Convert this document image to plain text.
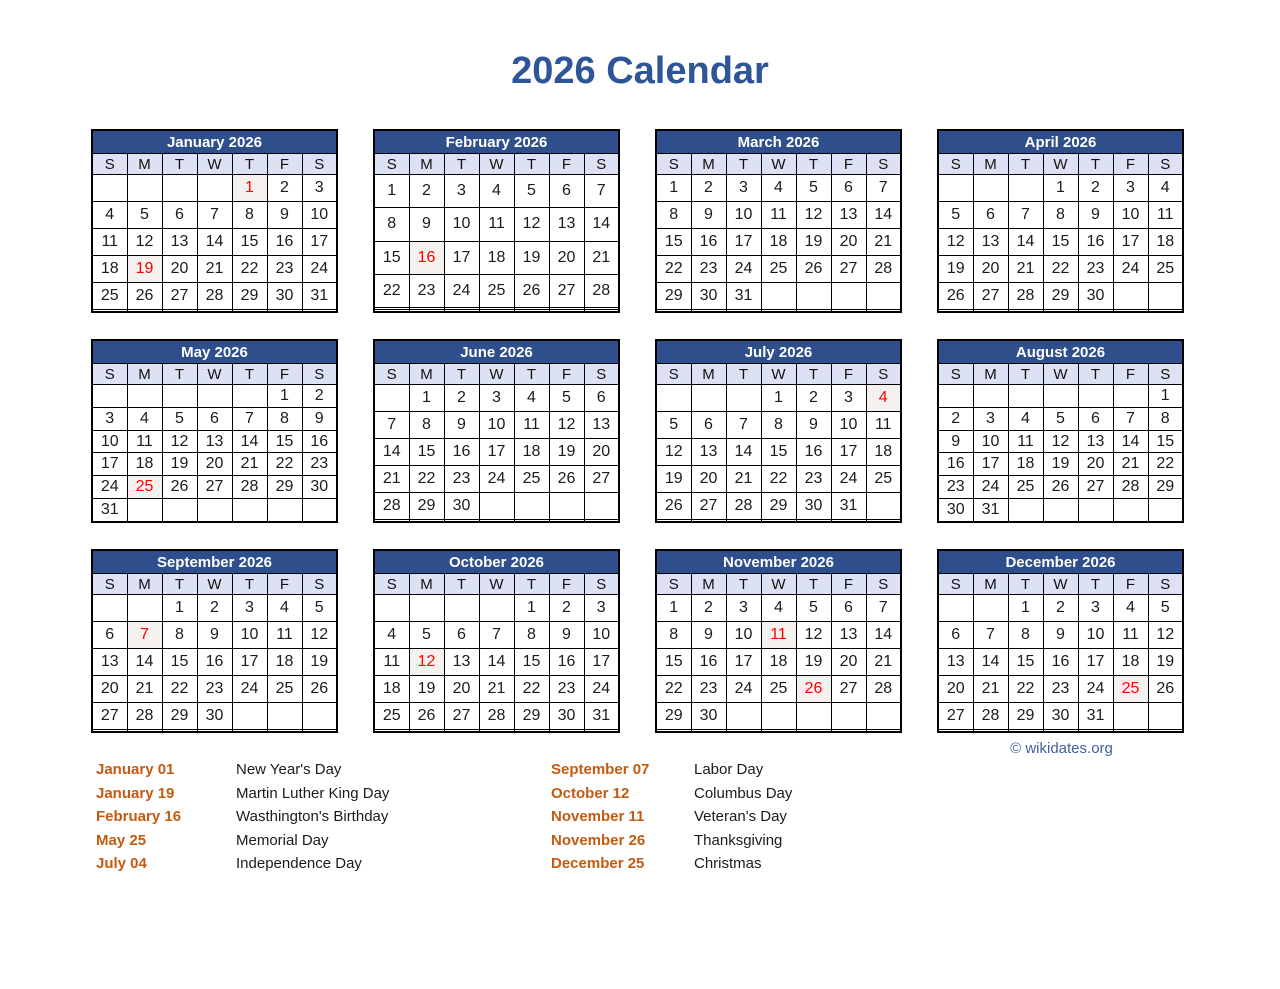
2026 Calendar
January 2026						
S	M	T	W	T	F	S
				1	2	3
4	5	6	7	8	9	10
11	12	13	14	15	16	17
18	19	20	21	22	23	24
25	26	27	28	29	30	31

February 2026						
S	M	T	W	T	F	S
1	2	3	4	5	6	7
8	9	10	11	12	13	14
15	16	17	18	19	20	21
22	23	24	25	26	27	28

March 2026						
S	M	T	W	T	F	S
1	2	3	4	5	6	7
8	9	10	11	12	13	14
15	16	17	18	19	20	21
22	23	24	25	26	27	28
29	30	31				

April 2026						
S	M	T	W	T	F	S
			1	2	3	4
5	6	7	8	9	10	11
12	13	14	15	16	17	18
19	20	21	22	23	24	25
26	27	28	29	30		

May 2026						
S	M	T	W	T	F	S
					1	2
3	4	5	6	7	8	9
10	11	12	13	14	15	16
17	18	19	20	21	22	23
24	25	26	27	28	29	30
31						
June 2026						
S	M	T	W	T	F	S
	1	2	3	4	5	6
7	8	9	10	11	12	13
14	15	16	17	18	19	20
21	22	23	24	25	26	27
28	29	30				

July 2026						
S	M	T	W	T	F	S
			1	2	3	4
5	6	7	8	9	10	11
12	13	14	15	16	17	18
19	20	21	22	23	24	25
26	27	28	29	30	31	

August 2026						
S	M	T	W	T	F	S
						1
2	3	4	5	6	7	8
9	10	11	12	13	14	15
16	17	18	19	20	21	22
23	24	25	26	27	28	29
30	31					
September 2026						
S	M	T	W	T	F	S
		1	2	3	4	5
6	7	8	9	10	11	12
13	14	15	16	17	18	19
20	21	22	23	24	25	26
27	28	29	30			

October 2026						
S	M	T	W	T	F	S
				1	2	3
4	5	6	7	8	9	10
11	12	13	14	15	16	17
18	19	20	21	22	23	24
25	26	27	28	29	30	31

November 2026						
S	M	T	W	T	F	S
1	2	3	4	5	6	7
8	9	10	11	12	13	14
15	16	17	18	19	20	21
22	23	24	25	26	27	28
29	30					

December 2026						
S	M	T	W	T	F	S
		1	2	3	4	5
6	7	8	9	10	11	12
13	14	15	16	17	18	19
20	21	22	23	24	25	26
27	28	29	30	31		

© wikidates.org
January 01	New Year's Day	September 07	Labor Day
January 19	Martin Luther King Day	October 12	Columbus Day
February 16	Wasthington's Birthday	November 11	Veteran's Day
May 25	Memorial Day	November 26	Thanksgiving
July 04	Independence Day	December 25	Christmas
